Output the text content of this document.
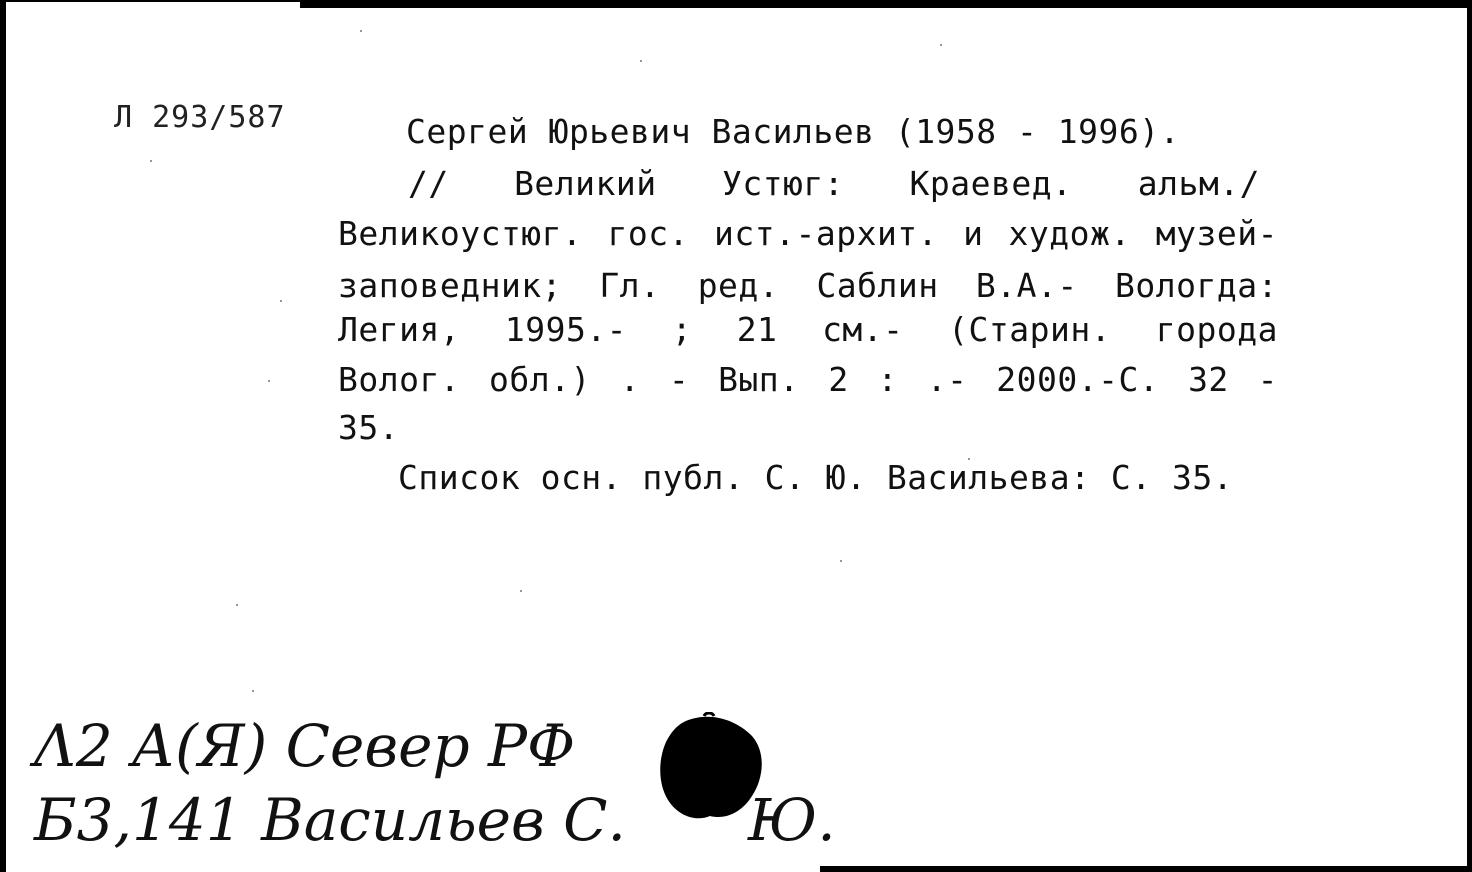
Л 293/587	Сергей Юрьевич Васильев (1958 - 1996).
// Великий Устюг: Краевед. альм./
Великоустюг. гос. ист.-архит. и худож. музей-
заповедник; Гл. ред. Саблин В.А.- Вологда:
Легия, 1995.- ; 21 см.- (Старин. города
Волог. обл.) . - Вып. 2 : .- 2000.-С. 32 -
35.
Список осн. публ. С. Ю. Васильева: С. 35.
Λ2 А(Я) Север РФ
Б3,141 Васильев С. Ю.
